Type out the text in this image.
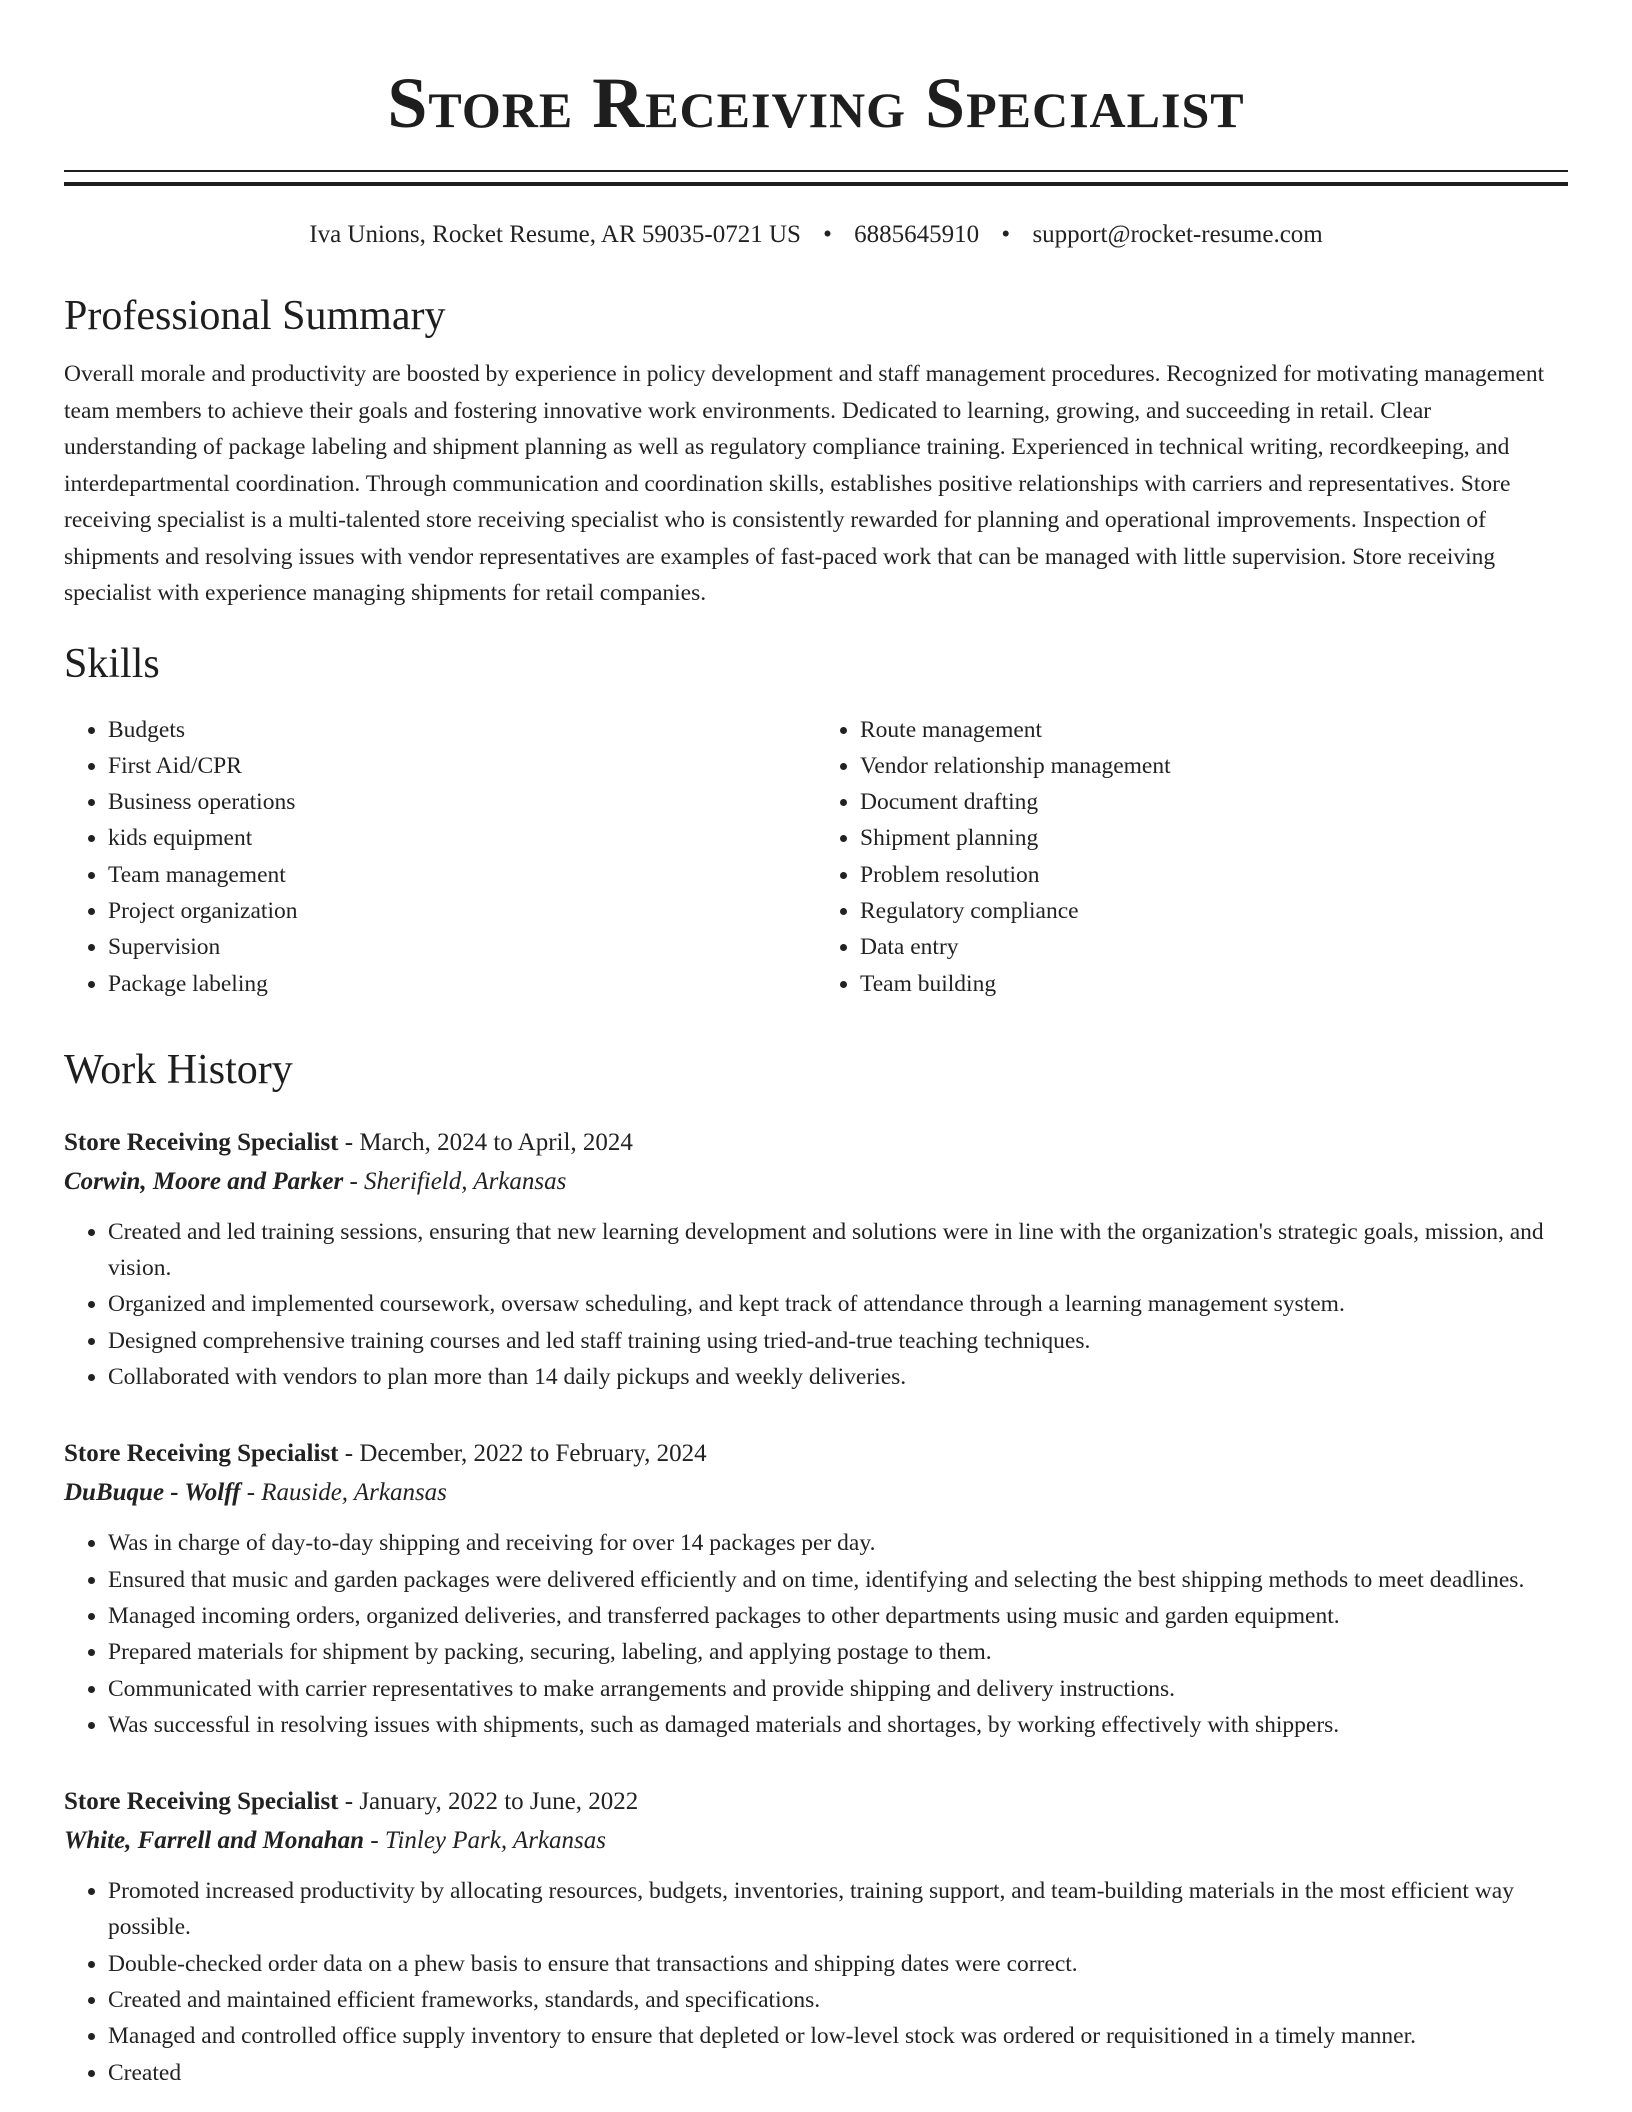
Store Receiving Specialist
Iva Unions, Rocket Resume, AR 59035-0721 US • 6885645910 • support@rocket-resume.com
Professional Summary

Overall morale and productivity are boosted by experience in policy development and staff management procedures. Recognized for motivating management team members to achieve their goals and fostering innovative work environments. Dedicated to learning, growing, and succeeding in retail. Clear understanding of package labeling and shipment planning as well as regulatory compliance training. Experienced in technical writing, recordkeeping, and interdepartmental coordination. Through communication and coordination skills, establishes positive relationships with carriers and representatives. Store receiving specialist is a multi-talented store receiving specialist who is consistently rewarded for planning and operational improvements. Inspection of shipments and resolving issues with vendor representatives are examples of fast-paced work that can be managed with little supervision. Store receiving specialist with experience managing shipments for retail companies.

Skills
• Budgets
• First Aid/CPR
• Business operations
• kids equipment
• Team management
• Project organization
• Supervision
• Package labeling
• Route management
• Vendor relationship management
• Document drafting
• Shipment planning
• Problem resolution
• Regulatory compliance
• Data entry
• Team building
Work History
Store Receiving Specialist - March, 2024 to April, 2024
Corwin, Moore and Parker - Sherifield, Arkansas
• Created and led training sessions, ensuring that new learning development and solutions were in line with the organization's strategic goals, mission, and vision.
• Organized and implemented coursework, oversaw scheduling, and kept track of attendance through a learning management system.
• Designed comprehensive training courses and led staff training using tried-and-true teaching techniques.
• Collaborated with vendors to plan more than 14 daily pickups and weekly deliveries.
Store Receiving Specialist - December, 2022 to February, 2024
DuBuque - Wolff - Rauside, Arkansas
• Was in charge of day-to-day shipping and receiving for over 14 packages per day.
• Ensured that music and garden packages were delivered efficiently and on time, identifying and selecting the best shipping methods to meet deadlines.
• Managed incoming orders, organized deliveries, and transferred packages to other departments using music and garden equipment.
• Prepared materials for shipment by packing, securing, labeling, and applying postage to them.
• Communicated with carrier representatives to make arrangements and provide shipping and delivery instructions.
• Was successful in resolving issues with shipments, such as damaged materials and shortages, by working effectively with shippers.
Store Receiving Specialist - January, 2022 to June, 2022
White, Farrell and Monahan - Tinley Park, Arkansas
• Promoted increased productivity by allocating resources, budgets, inventories, training support, and team-building materials in the most efficient way possible.
• Double-checked order data on a phew basis to ensure that transactions and shipping dates were correct.
• Created and maintained efficient frameworks, standards, and specifications.
• Managed and controlled office supply inventory to ensure that depleted or low-level stock was ordered or requisitioned in a timely manner.
• Created
